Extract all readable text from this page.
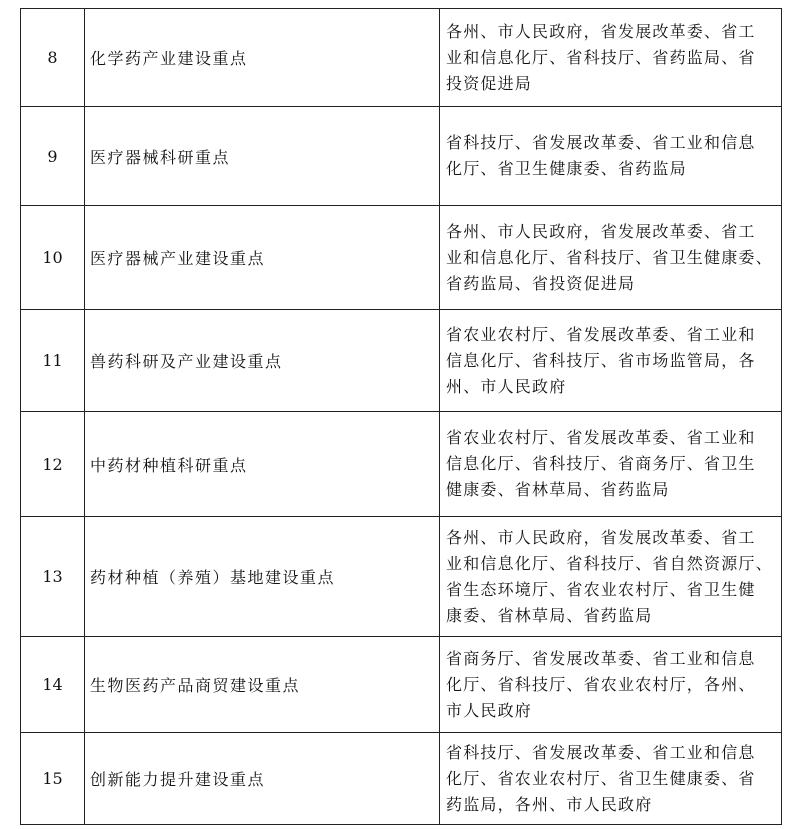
8	化学药产业建设重点	各州、市人民政府，省发展改革委、省工
业和信息化厅、省科技厅、省药监局、省
投资促进局

9	医疗器械科研重点	省科技厅、省发展改革委、省工业和信息
化厅、省卫生健康委、省药监局

10	医疗器械产业建设重点	各州、市人民政府，省发展改革委、省工
业和信息化厅、省科技厅、省卫生健康委、
省药监局、省投资促进局

11	兽药科研及产业建设重点	省农业农村厅、省发展改革委、省工业和
信息化厅、省科技厅、省市场监管局，各
州、市人民政府

12	中药材种植科研重点	省农业农村厅、省发展改革委、省工业和
信息化厅、省科技厅、省商务厅、省卫生
健康委、省林草局、省药监局

13	药材种植（养殖）基地建设重点	各州、市人民政府，省发展改革委、省工
业和信息化厅、省科技厅、省自然资源厅、
省生态环境厅、省农业农村厅、省卫生健
康委、省林草局、省药监局

14	生物医药产品商贸建设重点	省商务厅、省发展改革委、省工业和信息
化厅、省科技厅、省农业农村厅，各州、
市人民政府

15	创新能力提升建设重点	省科技厅、省发展改革委、省工业和信息
化厅、省农业农村厅、省卫生健康委、省
药监局，各州、市人民政府
